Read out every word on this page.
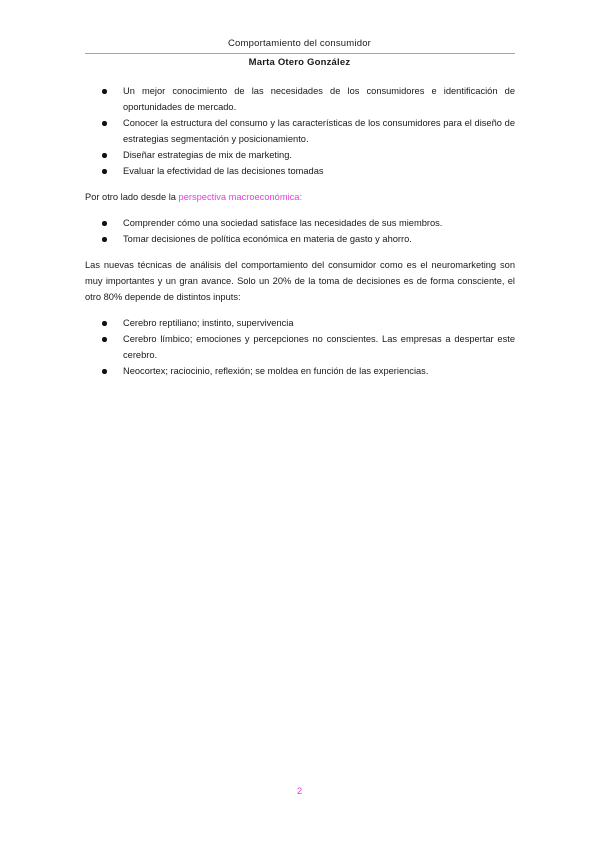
Comportamiento del consumidor
Marta Otero González
Un mejor conocimiento de las necesidades de los consumidores e identificación de oportunidades de mercado.
Conocer la estructura del consumo y las características de los consumidores para el diseño de estrategias segmentación y posicionamiento.
Diseñar estrategias de mix de marketing.
Evaluar la efectividad de las decisiones tomadas

Por otro lado desde la perspectiva macroeconómica:

Comprender cómo una sociedad satisface las necesidades de sus miembros.
Tomar decisiones de política económica en materia de gasto y ahorro.

Las nuevas técnicas de análisis del comportamiento del consumidor como es el neuromarketing son muy importantes y un gran avance. Solo un 20% de la toma de decisiones es de forma consciente, el otro 80% depende de distintos inputs:

Cerebro reptiliano; instinto, supervivencia
Cerebro límbico; emociones y percepciones no conscientes. Las empresas a despertar este cerebro.
Neocortex; raciocinio, reflexión; se moldea en función de las experiencias.
2
